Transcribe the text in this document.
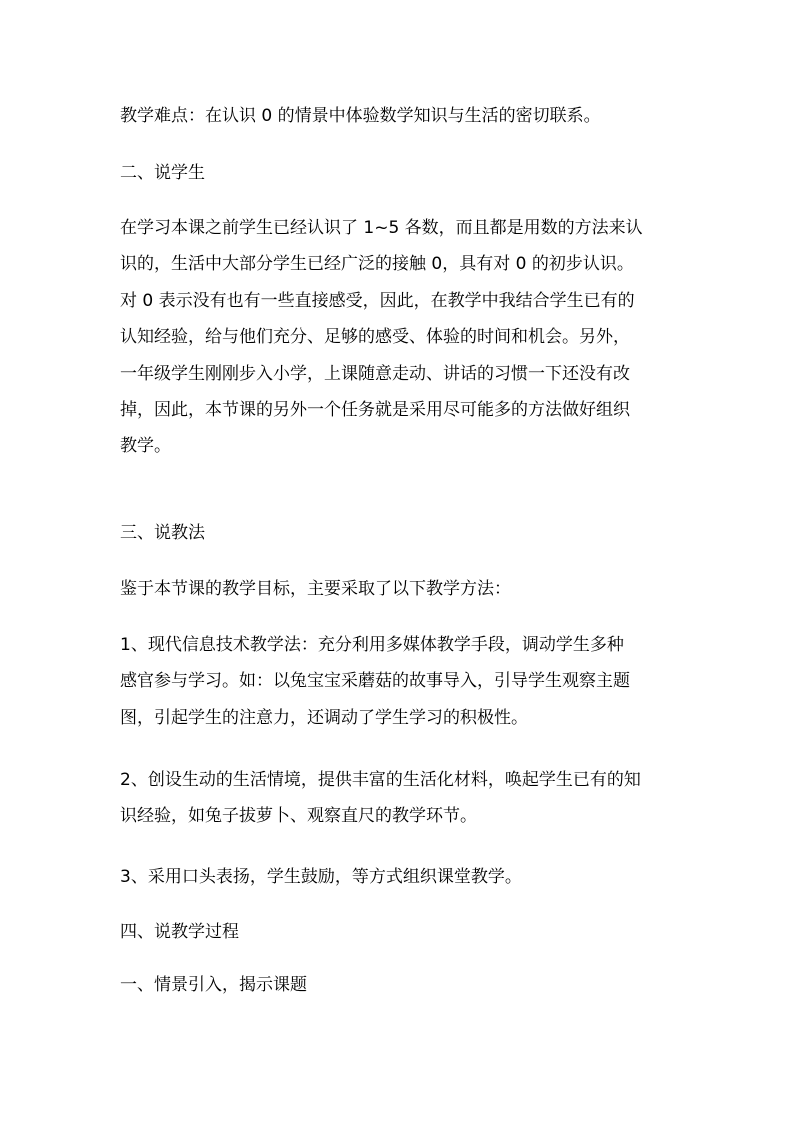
教学难点：在认识 0 的情景中体验数学知识与生活的密切联系。

二、说学生

在学习本课之前学生已经认识了 1~5 各数，而且都是用数的方法来认
识的，生活中大部分学生已经广泛的接触 0，具有对 0 的初步认识。
对 0 表示没有也有一些直接感受，因此，在教学中我结合学生已有的
认知经验，给与他们充分、足够的感受、体验的时间和机会。另外，
一年级学生刚刚步入小学，上课随意走动、讲话的习惯一下还没有改
掉，因此，本节课的另外一个任务就是采用尽可能多的方法做好组织
教学。

三、说教法

鉴于本节课的教学目标，主要采取了以下教学方法：

1、现代信息技术教学法：充分利用多媒体教学手段，调动学生多种
感官参与学习。如：以兔宝宝采蘑菇的故事导入，引导学生观察主题
图，引起学生的注意力，还调动了学生学习的积极性。

2、创设生动的生活情境，提供丰富的生活化材料，唤起学生已有的知
识经验，如兔子拔萝卜、观察直尺的教学环节。

3、采用口头表扬，学生鼓励，等方式组织课堂教学。

四、说教学过程

一、情景引入，揭示课题
